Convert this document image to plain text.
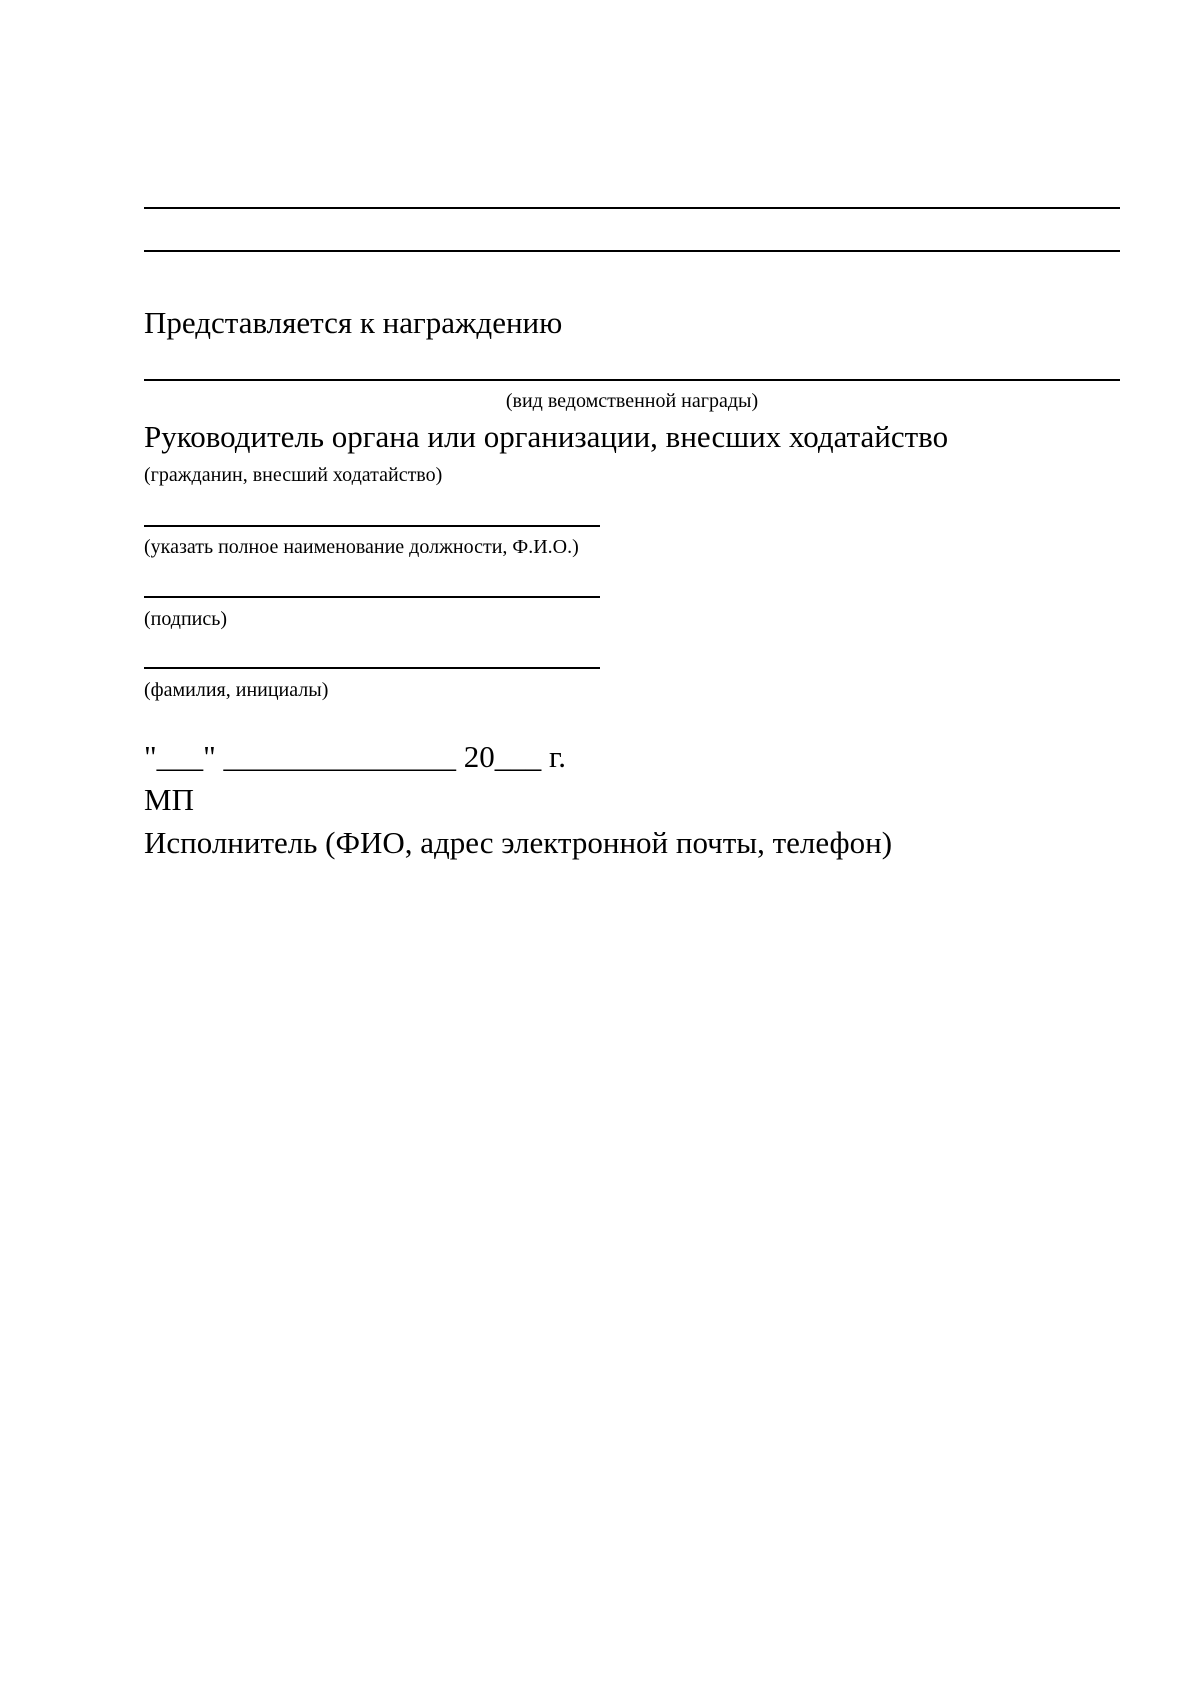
Представляется к награждению
(вид ведомственной награды)
Руководитель органа или организации, внесших ходатайство
(гражданин, внесший ходатайство)
(указать полное наименование должности, Ф.И.О.)
(подпись)
(фамилия, инициалы)
"___" _______________ 20___ г.
МП
Исполнитель (ФИО, адрес электронной почты, телефон)
